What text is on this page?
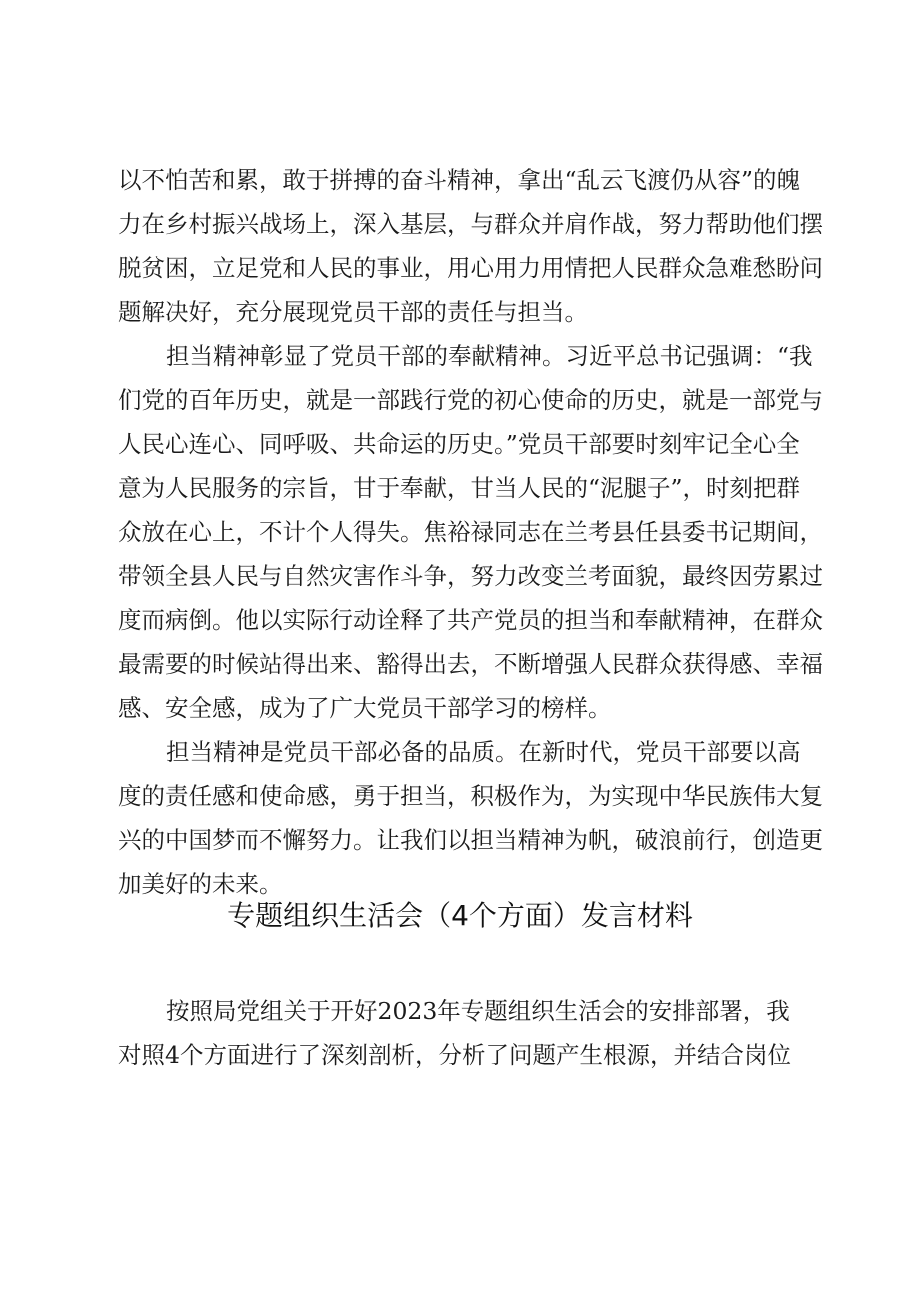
以不怕苦和累，敢于拼搏的奋斗精神，拿出“乱云飞渡仍从容”的魄
力在乡村振兴战场上，深入基层，与群众并肩作战，努力帮助他们摆
脱贫困，立足党和人民的事业，用心用力用情把人民群众急难愁盼问
题解决好，充分展现党员干部的责任与担当。
担当精神彰显了党员干部的奉献精神。习近平总书记强调：“我
们党的百年历史，就是一部践行党的初心使命的历史，就是一部党与
人民心连心、同呼吸、共命运的历史。”党员干部要时刻牢记全心全
意为人民服务的宗旨，甘于奉献，甘当人民的“泥腿子”，时刻把群
众放在心上，不计个人得失。焦裕禄同志在兰考县任县委书记期间，
带领全县人民与自然灾害作斗争，努力改变兰考面貌，最终因劳累过
度而病倒。他以实际行动诠释了共产党员的担当和奉献精神，在群众
最需要的时候站得出来、豁得出去，不断增强人民群众获得感、幸福
感、安全感，成为了广大党员干部学习的榜样。
担当精神是党员干部必备的品质。在新时代，党员干部要以高
度的责任感和使命感，勇于担当，积极作为，为实现中华民族伟大复
兴的中国梦而不懈努力。让我们以担当精神为帆，破浪前行，创造更
加美好的未来。
专题组织生活会（4个方面）发言材料
按照局党组关于开好2023年专题组织生活会的安排部署，我
对照4个方面进行了深刻剖析，分析了问题产生根源，并结合岗位
